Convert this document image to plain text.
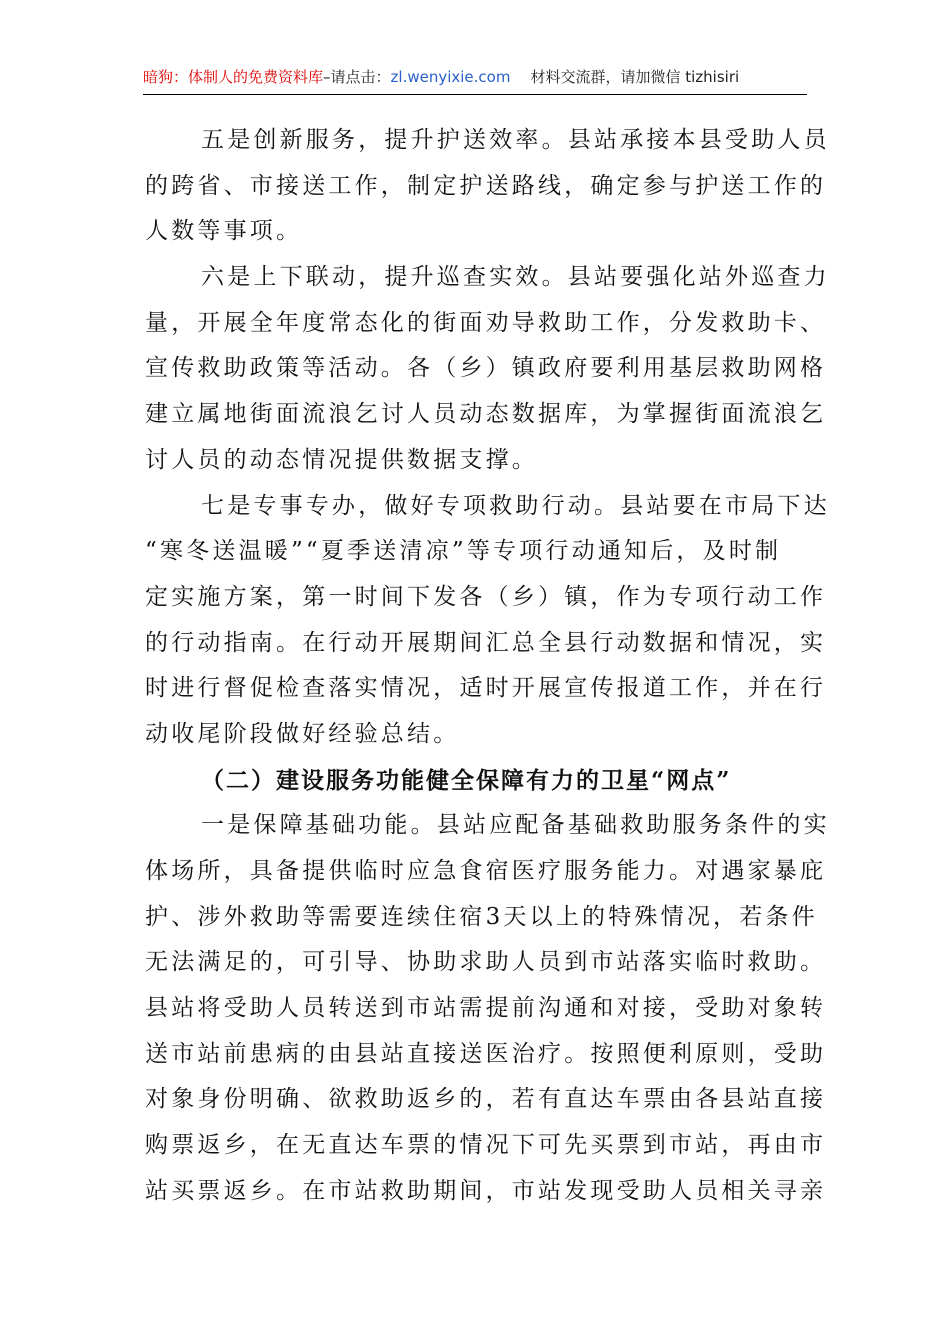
暗狗：体制人的免费资料库–请点击：zl.wenyixie.com 材料交流群，请加微信 tizhisiri
五是创新服务，提升护送效率。县站承接本县受助人员
的跨省、市接送工作，制定护送路线，确定参与护送工作的
人数等事项。
六是上下联动，提升巡查实效。县站要强化站外巡查力
量，开展全年度常态化的街面劝导救助工作，分发救助卡、
宣传救助政策等活动。各（乡）镇政府要利用基层救助网格
建立属地街面流浪乞讨人员动态数据库，为掌握街面流浪乞
讨人员的动态情况提供数据支撑。
七是专事专办，做好专项救助行动。县站要在市局下达
“寒冬送温暖”“夏季送清凉”等专项行动通知后，及时制
定实施方案，第一时间下发各（乡）镇，作为专项行动工作
的行动指南。在行动开展期间汇总全县行动数据和情况，实
时进行督促检查落实情况，适时开展宣传报道工作，并在行
动收尾阶段做好经验总结。
（二）建设服务功能健全保障有力的卫星“网点”
一是保障基础功能。县站应配备基础救助服务条件的实
体场所，具备提供临时应急食宿医疗服务能力。对遇家暴庇
护、涉外救助等需要连续住宿3天以上的特殊情况，若条件
无法满足的，可引导、协助求助人员到市站落实临时救助。
县站将受助人员转送到市站需提前沟通和对接，受助对象转
送市站前患病的由县站直接送医治疗。按照便利原则，受助
对象身份明确、欲救助返乡的，若有直达车票由各县站直接
购票返乡，在无直达车票的情况下可先买票到市站，再由市
站买票返乡。在市站救助期间，市站发现受助人员相关寻亲
